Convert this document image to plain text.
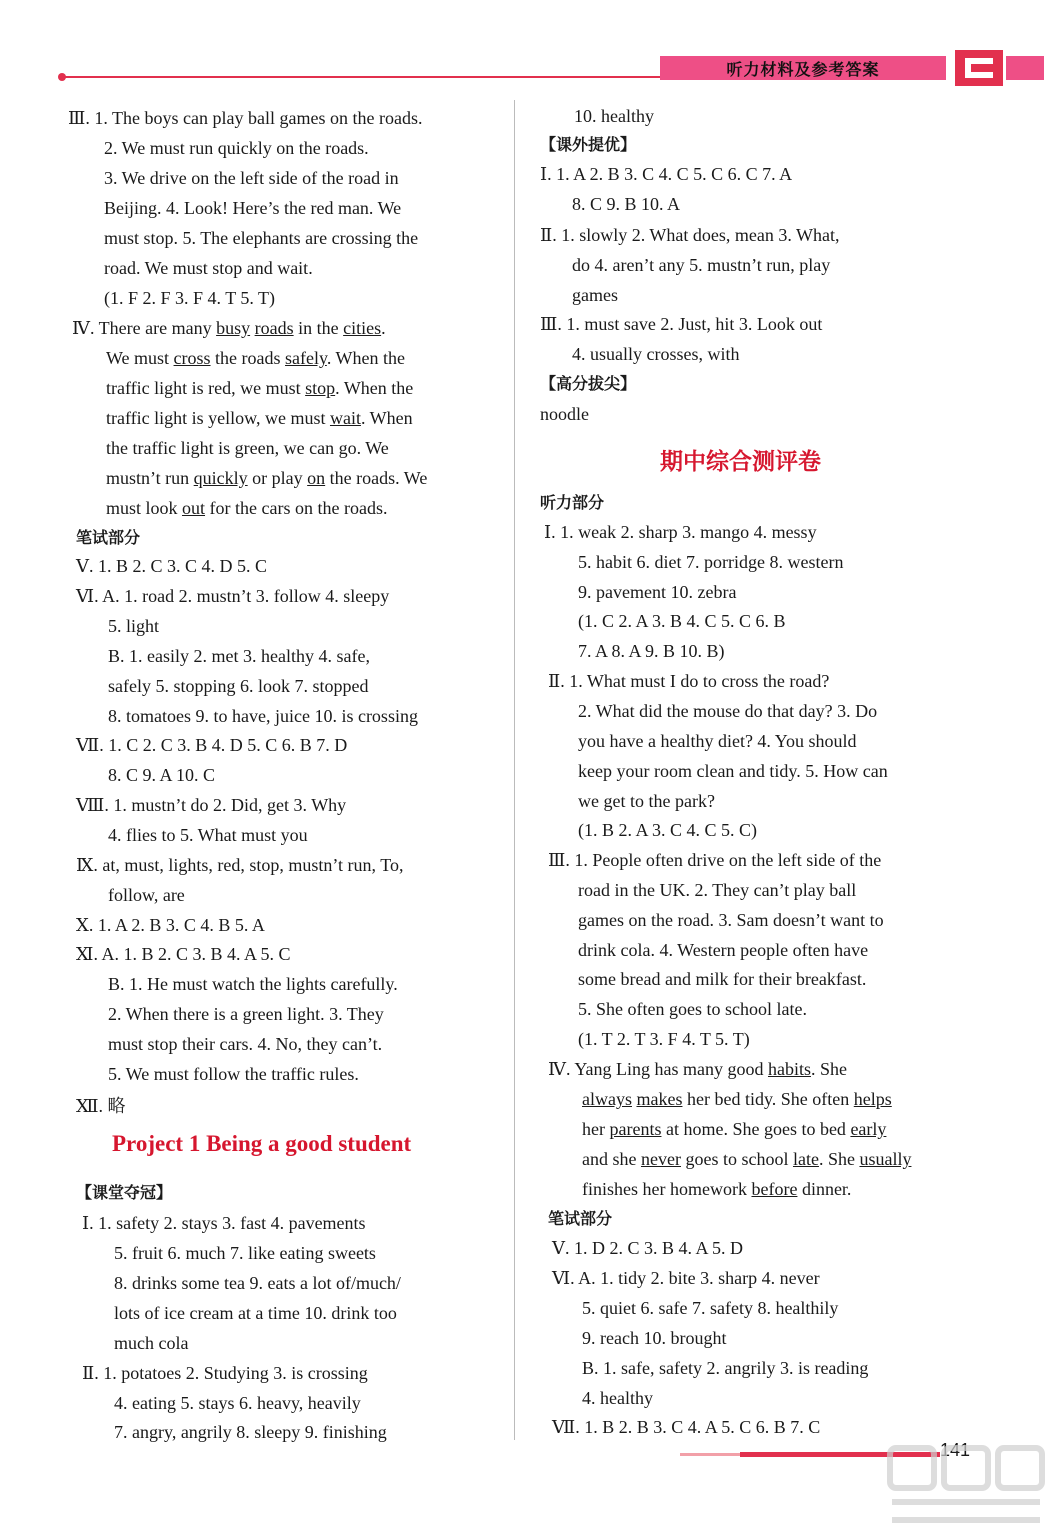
听力材料及参考答案
Ⅲ. 1. The boys can play ball games on the roads.
2. We must run quickly on the roads.
3. We drive on the left side of the road in
Beijing. 4. Look! Here’s the red man. We
must stop. 5. The elephants are crossing the
road. We must stop and wait.
(1. F 2. F 3. F 4. T 5. T)
Ⅳ. There are many busy roads in the cities.
We must cross the roads safely. When the
traffic light is red, we must stop. When the
traffic light is yellow, we must wait. When
the traffic light is green, we can go. We
mustn’t run quickly or play on the roads. We
must look out for the cars on the roads.
笔试部分
Ⅴ. 1. B 2. C 3. C 4. D 5. C
Ⅵ. A. 1. road 2. mustn’t 3. follow 4. sleepy
5. light
B. 1. easily 2. met 3. healthy 4. safe,
safely 5. stopping 6. look 7. stopped
8. tomatoes 9. to have, juice 10. is crossing
Ⅶ. 1. C 2. C 3. B 4. D 5. C 6. B 7. D
8. C 9. A 10. C
Ⅷ. 1. mustn’t do 2. Did, get 3. Why
4. flies to 5. What must you
Ⅸ. at, must, lights, red, stop, mustn’t run, To,
follow, are
Ⅹ. 1. A 2. B 3. C 4. B 5. A
Ⅺ. A. 1. B 2. C 3. B 4. A 5. C
B. 1. He must watch the lights carefully.
2. When there is a green light. 3. They
must stop their cars. 4. No, they can’t.
5. We must follow the traffic rules.
Ⅻ. 略
Project 1 Being a good student
【课堂夺冠】
Ⅰ. 1. safety 2. stays 3. fast 4. pavements
5. fruit 6. much 7. like eating sweets
8. drinks some tea 9. eats a lot of/much/
lots of ice cream at a time 10. drink too
much cola
Ⅱ. 1. potatoes 2. Studying 3. is crossing
4. eating 5. stays 6. heavy, heavily
7. angry, angrily 8. sleepy 9. finishing
10. healthy
【课外提优】
Ⅰ. 1. A 2. B 3. C 4. C 5. C 6. C 7. A
8. C 9. B 10. A
Ⅱ. 1. slowly 2. What does, mean 3. What,
do 4. aren’t any 5. mustn’t run, play
games
Ⅲ. 1. must save 2. Just, hit 3. Look out
4. usually crosses, with
【高分拔尖】
noodle
期中综合测评卷
听力部分
Ⅰ. 1. weak 2. sharp 3. mango 4. messy
5. habit 6. diet 7. porridge 8. western
9. pavement 10. zebra
(1. C 2. A 3. B 4. C 5. C 6. B
7. A 8. A 9. B 10. B)
Ⅱ. 1. What must I do to cross the road?
2. What did the mouse do that day? 3. Do
you have a healthy diet? 4. You should
keep your room clean and tidy. 5. How can
we get to the park?
(1. B 2. A 3. C 4. C 5. C)
Ⅲ. 1. People often drive on the left side of the
road in the UK. 2. They can’t play ball
games on the road. 3. Sam doesn’t want to
drink cola. 4. Western people often have
some bread and milk for their breakfast.
5. She often goes to school late.
(1. T 2. T 3. F 4. T 5. T)
Ⅳ. Yang Ling has many good habits. She
always makes her bed tidy. She often helps
her parents at home. She goes to bed early
and she never goes to school late. She usually
finishes her homework before dinner.
笔试部分
Ⅴ. 1. D 2. C 3. B 4. A 5. D
Ⅵ. A. 1. tidy 2. bite 3. sharp 4. never
5. quiet 6. safe 7. safety 8. healthily
9. reach 10. brought
B. 1. safe, safety 2. angrily 3. is reading
4. healthy
Ⅶ. 1. B 2. B 3. C 4. A 5. C 6. B 7. C
141
